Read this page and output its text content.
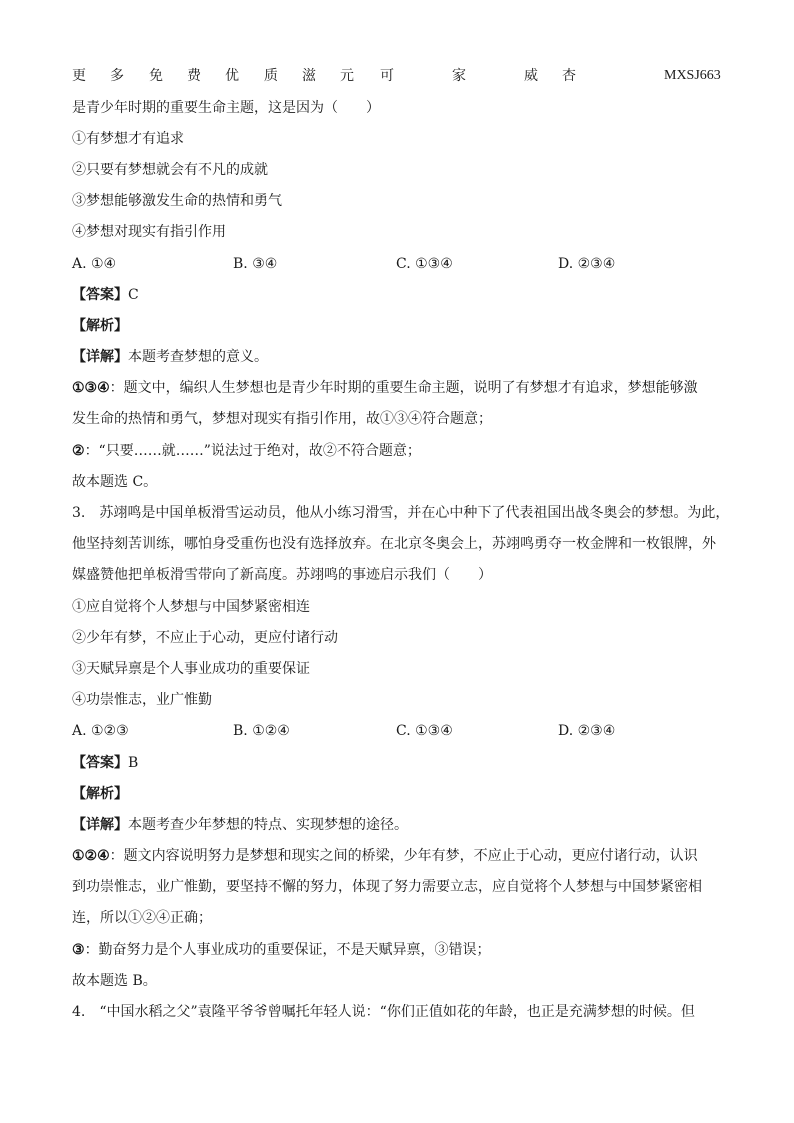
更 多 免 费 优 质 滋 元 可	家	威 杏	MXSJ663
是青少年时期的重要生命主题，这是因为（　　）
①有梦想才有追求
②只要有梦想就会有不凡的成就
③梦想能够激发生命的热情和勇气
④梦想对现实有指引作用
A. ①④	B. ③④	C. ①③④	D. ②③④
【答案】C
【解析】
【详解】本题考查梦想的意义。
①③④：题文中，编织人生梦想也是青少年时期的重要生命主题，说明了有梦想才有追求，梦想能够激
发生命的热情和勇气，梦想对现实有指引作用，故①③④符合题意；
②：“只要……就……”说法过于绝对，故②不符合题意；
故本题选 C。
3.　苏翊鸣是中国单板滑雪运动员，他从小练习滑雪，并在心中种下了代表祖国出战冬奥会的梦想。为此，
他坚持刻苦训练，哪怕身受重伤也没有选择放弃。在北京冬奥会上，苏翊鸣勇夺一枚金牌和一枚银牌，外
媒盛赞他把单板滑雪带向了新高度。苏翊鸣的事迹启示我们（　　）
①应自觉将个人梦想与中国梦紧密相连
②少年有梦，不应止于心动，更应付诸行动
③天赋异禀是个人事业成功的重要保证
④功崇惟志，业广惟勤
A. ①②③	B. ①②④	C. ①③④	D. ②③④
【答案】B
【解析】
【详解】本题考查少年梦想的特点、实现梦想的途径。
①②④：题文内容说明努力是梦想和现实之间的桥梁，少年有梦，不应止于心动，更应付诸行动，认识
到功崇惟志，业广惟勤，要坚持不懈的努力，体现了努力需要立志，应自觉将个人梦想与中国梦紧密相
连，所以①②④正确；
③：勤奋努力是个人事业成功的重要保证，不是天赋异禀，③错误；
故本题选 B。
4.　“中国水稻之父”袁隆平爷爷曾嘱托年轻人说：“你们正值如花的年龄，也正是充满梦想的时候。但
